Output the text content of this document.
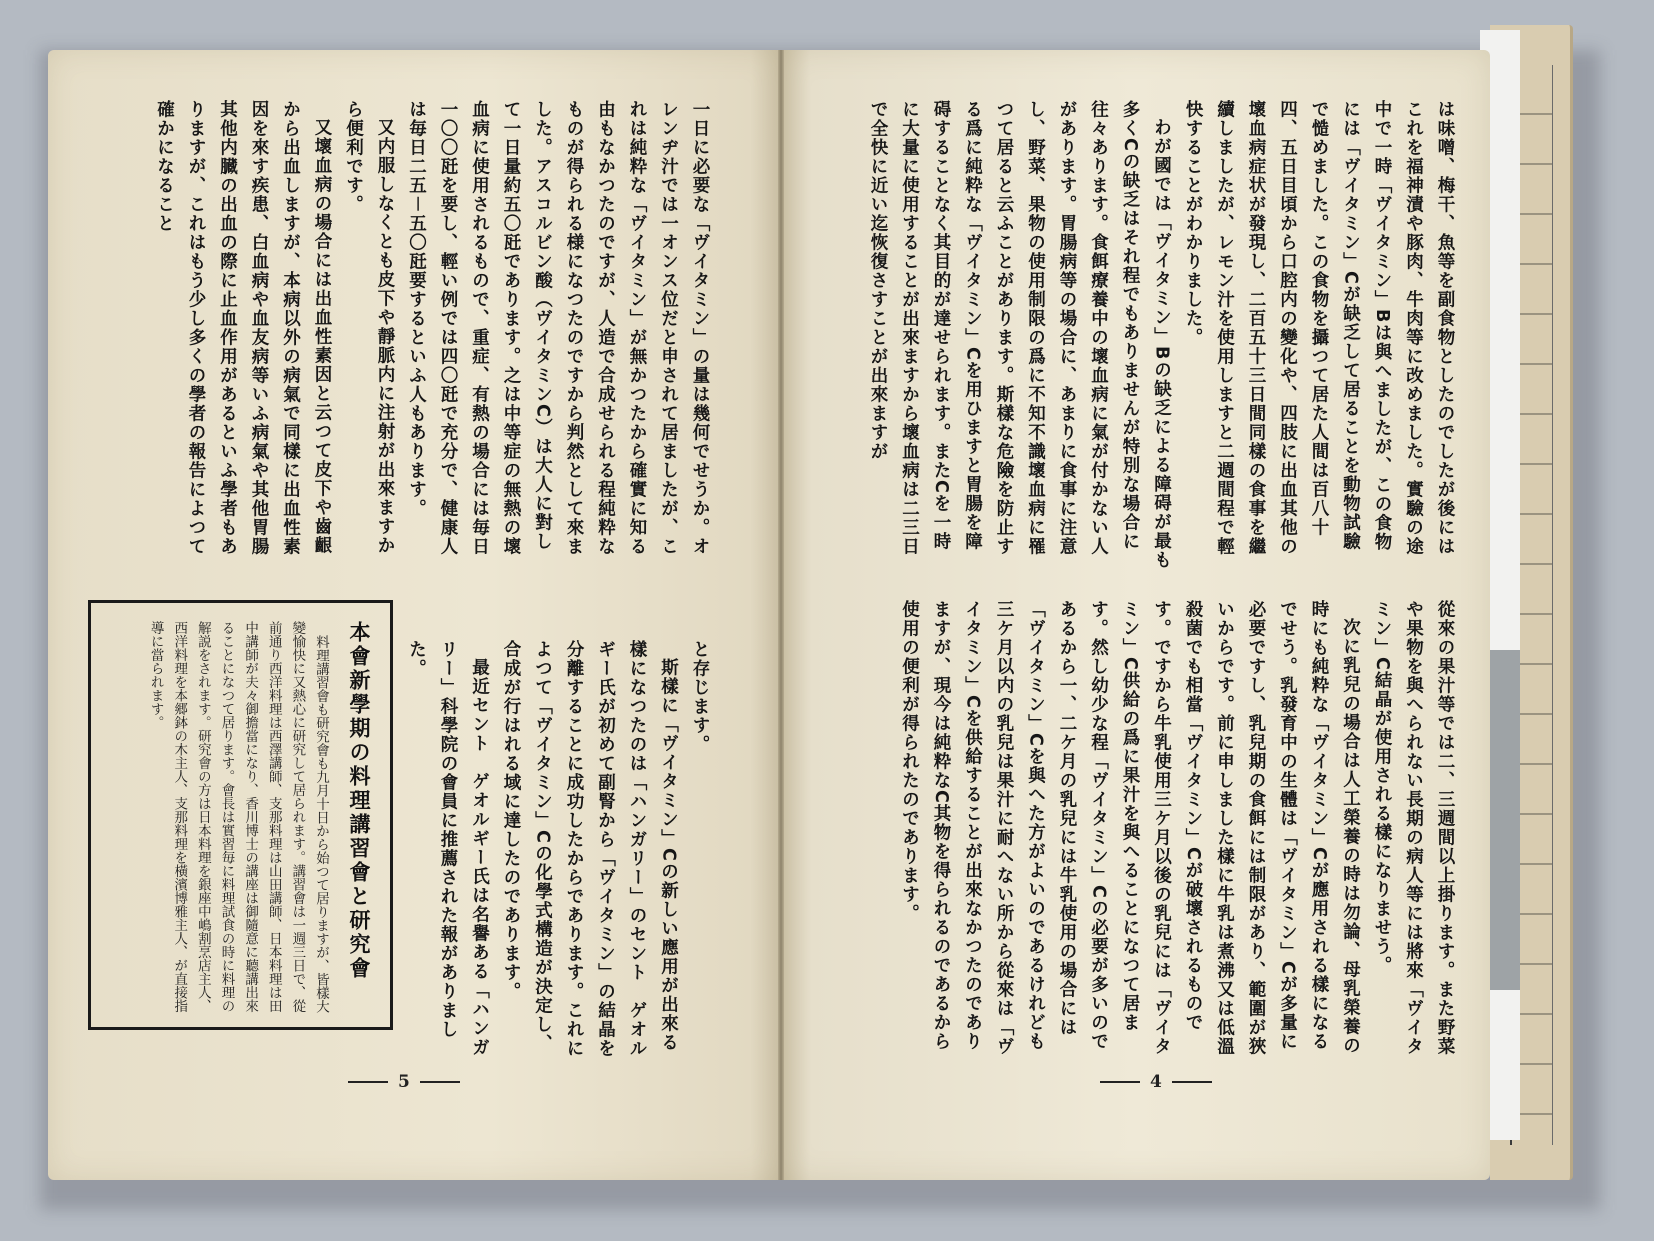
一日に必要な「ヴイタミン」の量は幾何でせうか。オレンヂ汁では一オンス位だと申されて居ましたが、これは純粋な「ヴイタミン」が無かつたから確實に知る由もなかつたのですが、人造で合成せられる程純粋なものが得られる様になつたのですから判然として來ました。アスコルビン酸（ヴイタミンC）は大人に對して一日量約五〇瓩であります。之は中等症の無熱の壞血病に使用されるもので、重症、有熱の場合には毎日一〇〇瓩を要し、輕い例では四〇瓩で充分で、健康人は毎日二五－五〇瓩要するといふ人もあります。

又内服しなくとも皮下や靜脈内に注射が出來ますから便利です。

又壞血病の場合には出血性素因と云つて皮下や齒齦から出血しますが、本病以外の病氣で同樣に出血性素因を來す疾患、白血病や血友病等いふ病氣や其他胃腸其他内臓の出血の際に止血作用があるといふ學者もありますが、これはもう少し多くの學者の報告によつて確かになること

と存じます。

斯樣に「ヴイタミン」Cの新しい應用が出來る樣になつたのは「ハンガリー」のセント　ゲオルギー氏が初めて副腎から「ヴイタミン」の結晶を分離することに成功したからであります。これによつて「ヴイタミン」Cの化學式構造が決定し、合成が行はれる域に達したのであります。

最近セント　ゲオルギー氏は名譽ある「ハンガリー」科學院の會員に推薦された報がありました。

本會新學期の料理講習會と研究會

料理講習會も研究會も九月十日から始つて居りますが、皆樣大變愉快に又熱心に研究して居られます。講習會は一週三日で、從前通り西洋料理は西澤講師、支那料理は山田講師、日本料理は田中講師が夫々御擔當になり、香川博士の講座は御隨意に聽講出來ることになつて居ります。會長は實習毎に料理試食の時に料理の解説をされます。研究會の方は日本料理を銀座中嶋割烹店主人、西洋料理を本郷鉢の木主人、支那料理を橫濱博雅主人、が直接指導に當られます。

5

は味噌、梅干、魚等を副食物としたのでしたが後にはこれを福神漬や豚肉、牛肉等に改めました。實驗の途中で一時「ヴイタミン」Bは與へましたが、この食物には「ヴイタミン」Cが缺乏して居ることを動物試驗で慥めました。この食物を攝つて居た人間は百八十四、五日目頃から口腔内の變化や、四肢に出血其他の壞血病症状が發現し、二百五十三日間同樣の食事を繼續しましたが、レモン汁を使用しますと二週間程で輕快することがわかりました。

わが國では「ヴイタミン」Bの缺乏による障碍が最も多くCの缺乏はそれ程でもありませんが特別な場合に往々あります。食餌療養中の壞血病に氣が付かない人があります。胃腸病等の場合に、あまりに食事に注意し、野菜、果物の使用制限の爲に不知不識壞血病に罹つて居ると云ふことがあります。斯樣な危險を防止する爲に純粋な「ヴイタミン」Cを用ひますと胃腸を障碍することなく其目的が達せられます。またCを一時に大量に使用することが出來ますから壞血病は二三日で全快に近い迄恢復さすことが出來ますが

從來の果汁等では二、三週間以上掛ります。また野菜や果物を與へられない長期の病人等には將來「ヴイタミン」C結晶が使用される樣になりませう。

次に乳兒の場合は人工榮養の時は勿論、母乳榮養の時にも純粋な「ヴイタミン」Cが應用される樣になるでせう。乳發育中の生體は「ヴイタミン」Cが多量に必要ですし、乳兒期の食餌には制限があり、範圍が狹いからです。前に申しました樣に牛乳は煮沸又は低溫殺菌でも相當「ヴイタミン」Cが破壞されるものです。ですから牛乳使用三ケ月以後の乳兒には「ヴイタミン」C供給の爲に果汁を與へることになつて居ます。然し幼少な程「ヴイタミン」Cの必要が多いのであるから一、二ケ月の乳兒には牛乳使用の場合には「ヴイタミン」Cを與へた方がよいのであるけれども三ケ月以内の乳兒は果汁に耐へない所から從來は「ヴイタミン」Cを供給することが出來なかつたのでありますが、現今は純粋なC其物を得られるのであるから使用の便利が得られたのであります。

4
